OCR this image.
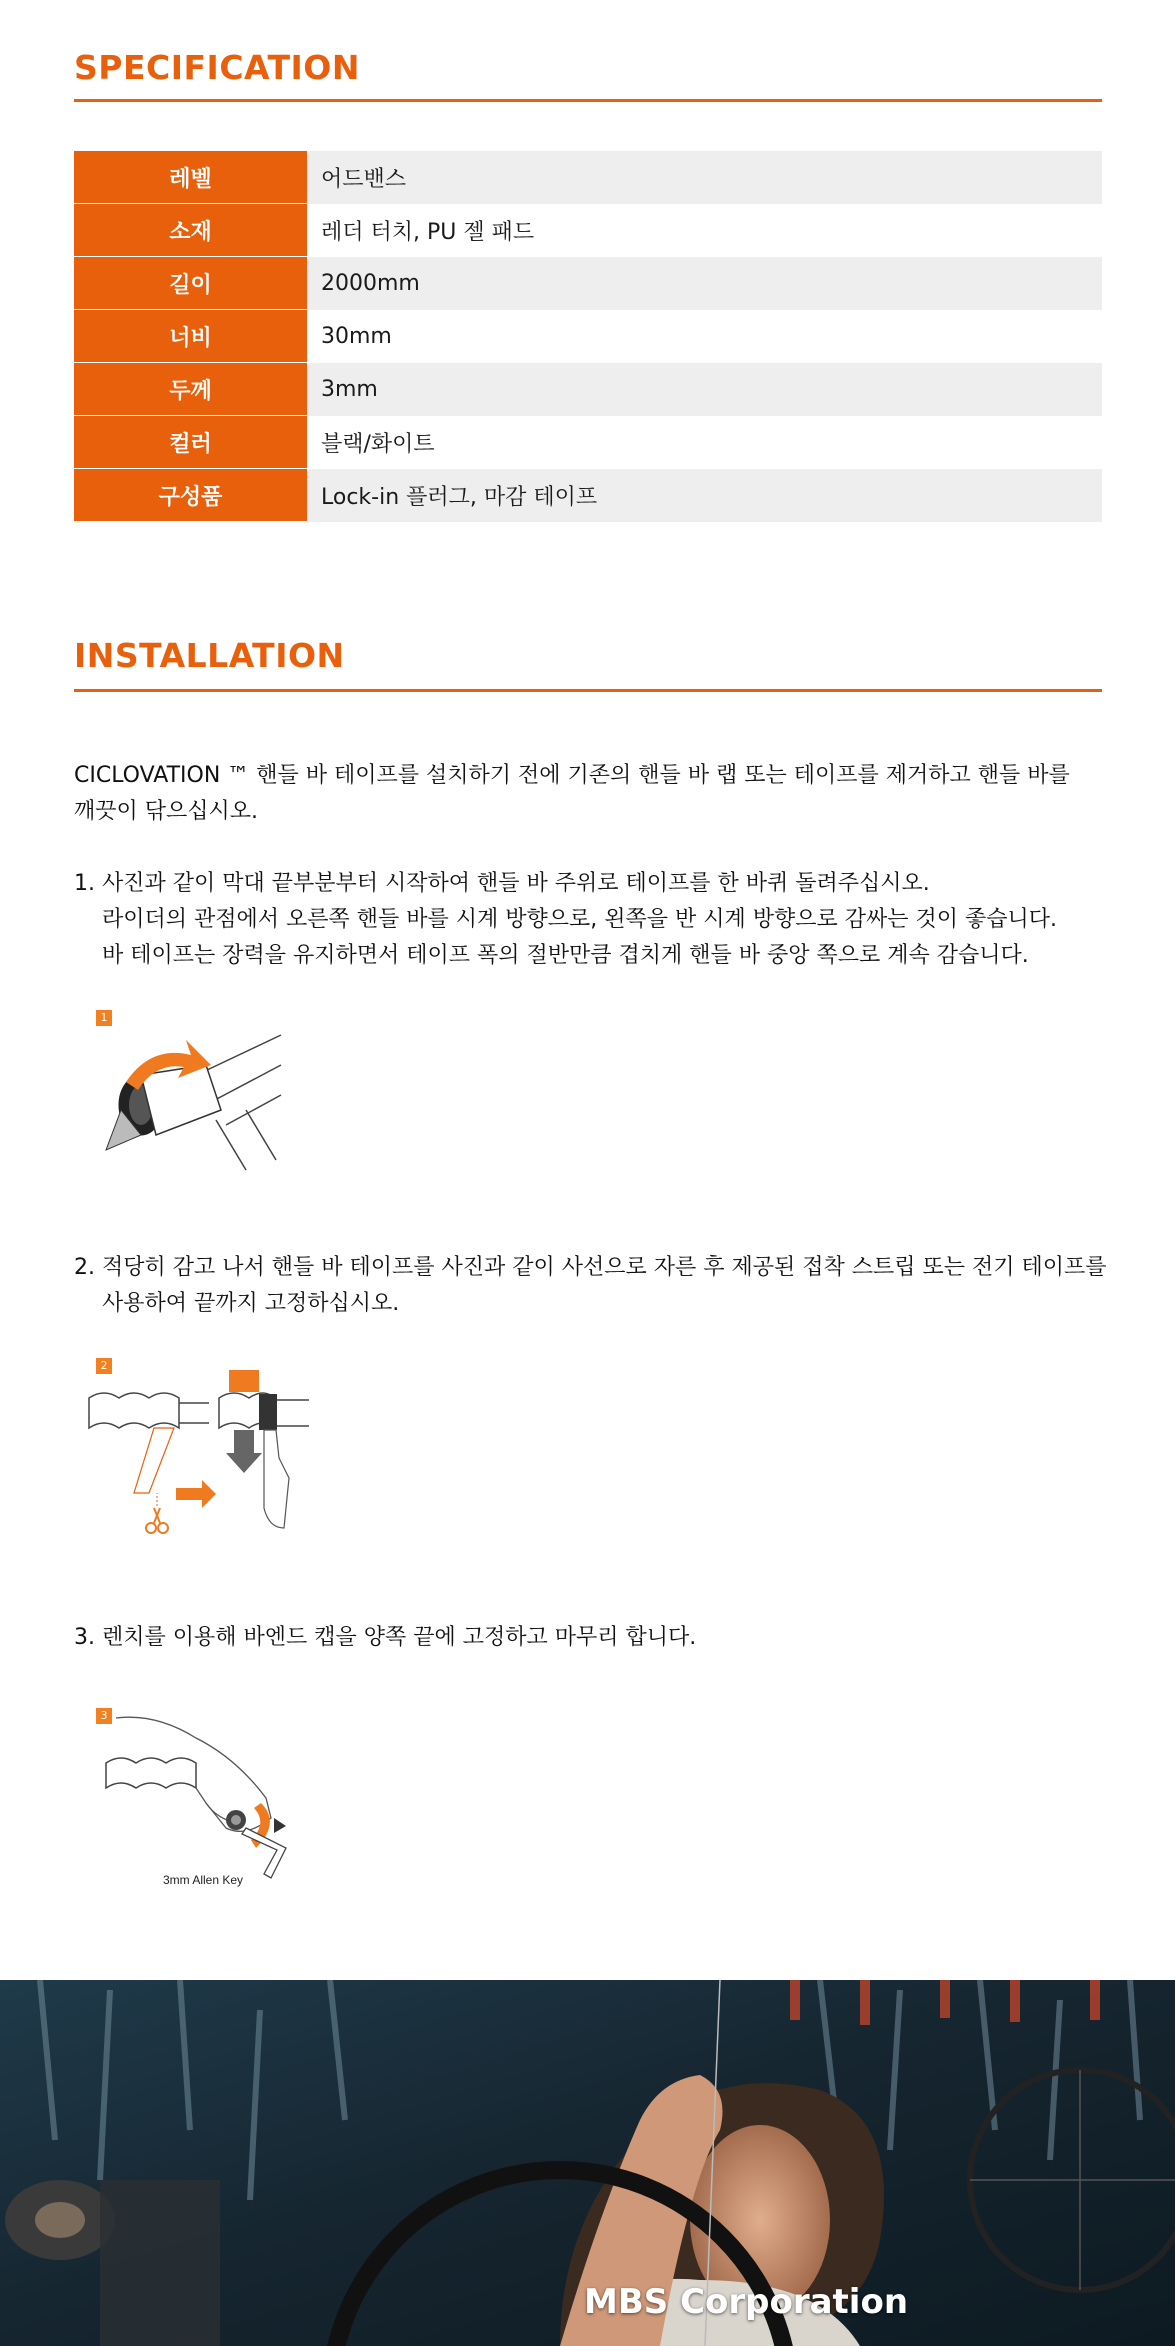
SPECIFICATION
레벨	어드밴스
소재	레더 터치, PU 젤 패드
길이	2000mm
너비	30mm
두께	3mm
컬러	블랙/화이트
구성품	Lock-in 플러그, 마감 테이프
INSTALLATION
CICLOVATION ™ 핸들 바 테이프를 설치하기 전에 기존의 핸들 바 랩 또는 테이프를 제거하고 핸들 바를
깨끗이 닦으십시오.
1. 사진과 같이 막대 끝부분부터 시작하여 핸들 바 주위로 테이프를 한 바퀴 돌려주십시오.
라이더의 관점에서 오른쪽 핸들 바를 시계 방향으로, 왼쪽을 반 시계 방향으로 감싸는 것이 좋습니다.
바 테이프는 장력을 유지하면서 테이프 폭의 절반만큼 겹치게 핸들 바 중앙 쪽으로 계속 감습니다.
1
2. 적당히 감고 나서 핸들 바 테이프를 사진과 같이 사선으로 자른 후 제공된 접착 스트립 또는 전기 테이프를
사용하여 끝까지 고정하십시오.
2
3. 렌치를 이용해 바엔드 캡을 양쪽 끝에 고정하고 마무리 합니다.
3
3mm Allen Key
MBS Corporation
